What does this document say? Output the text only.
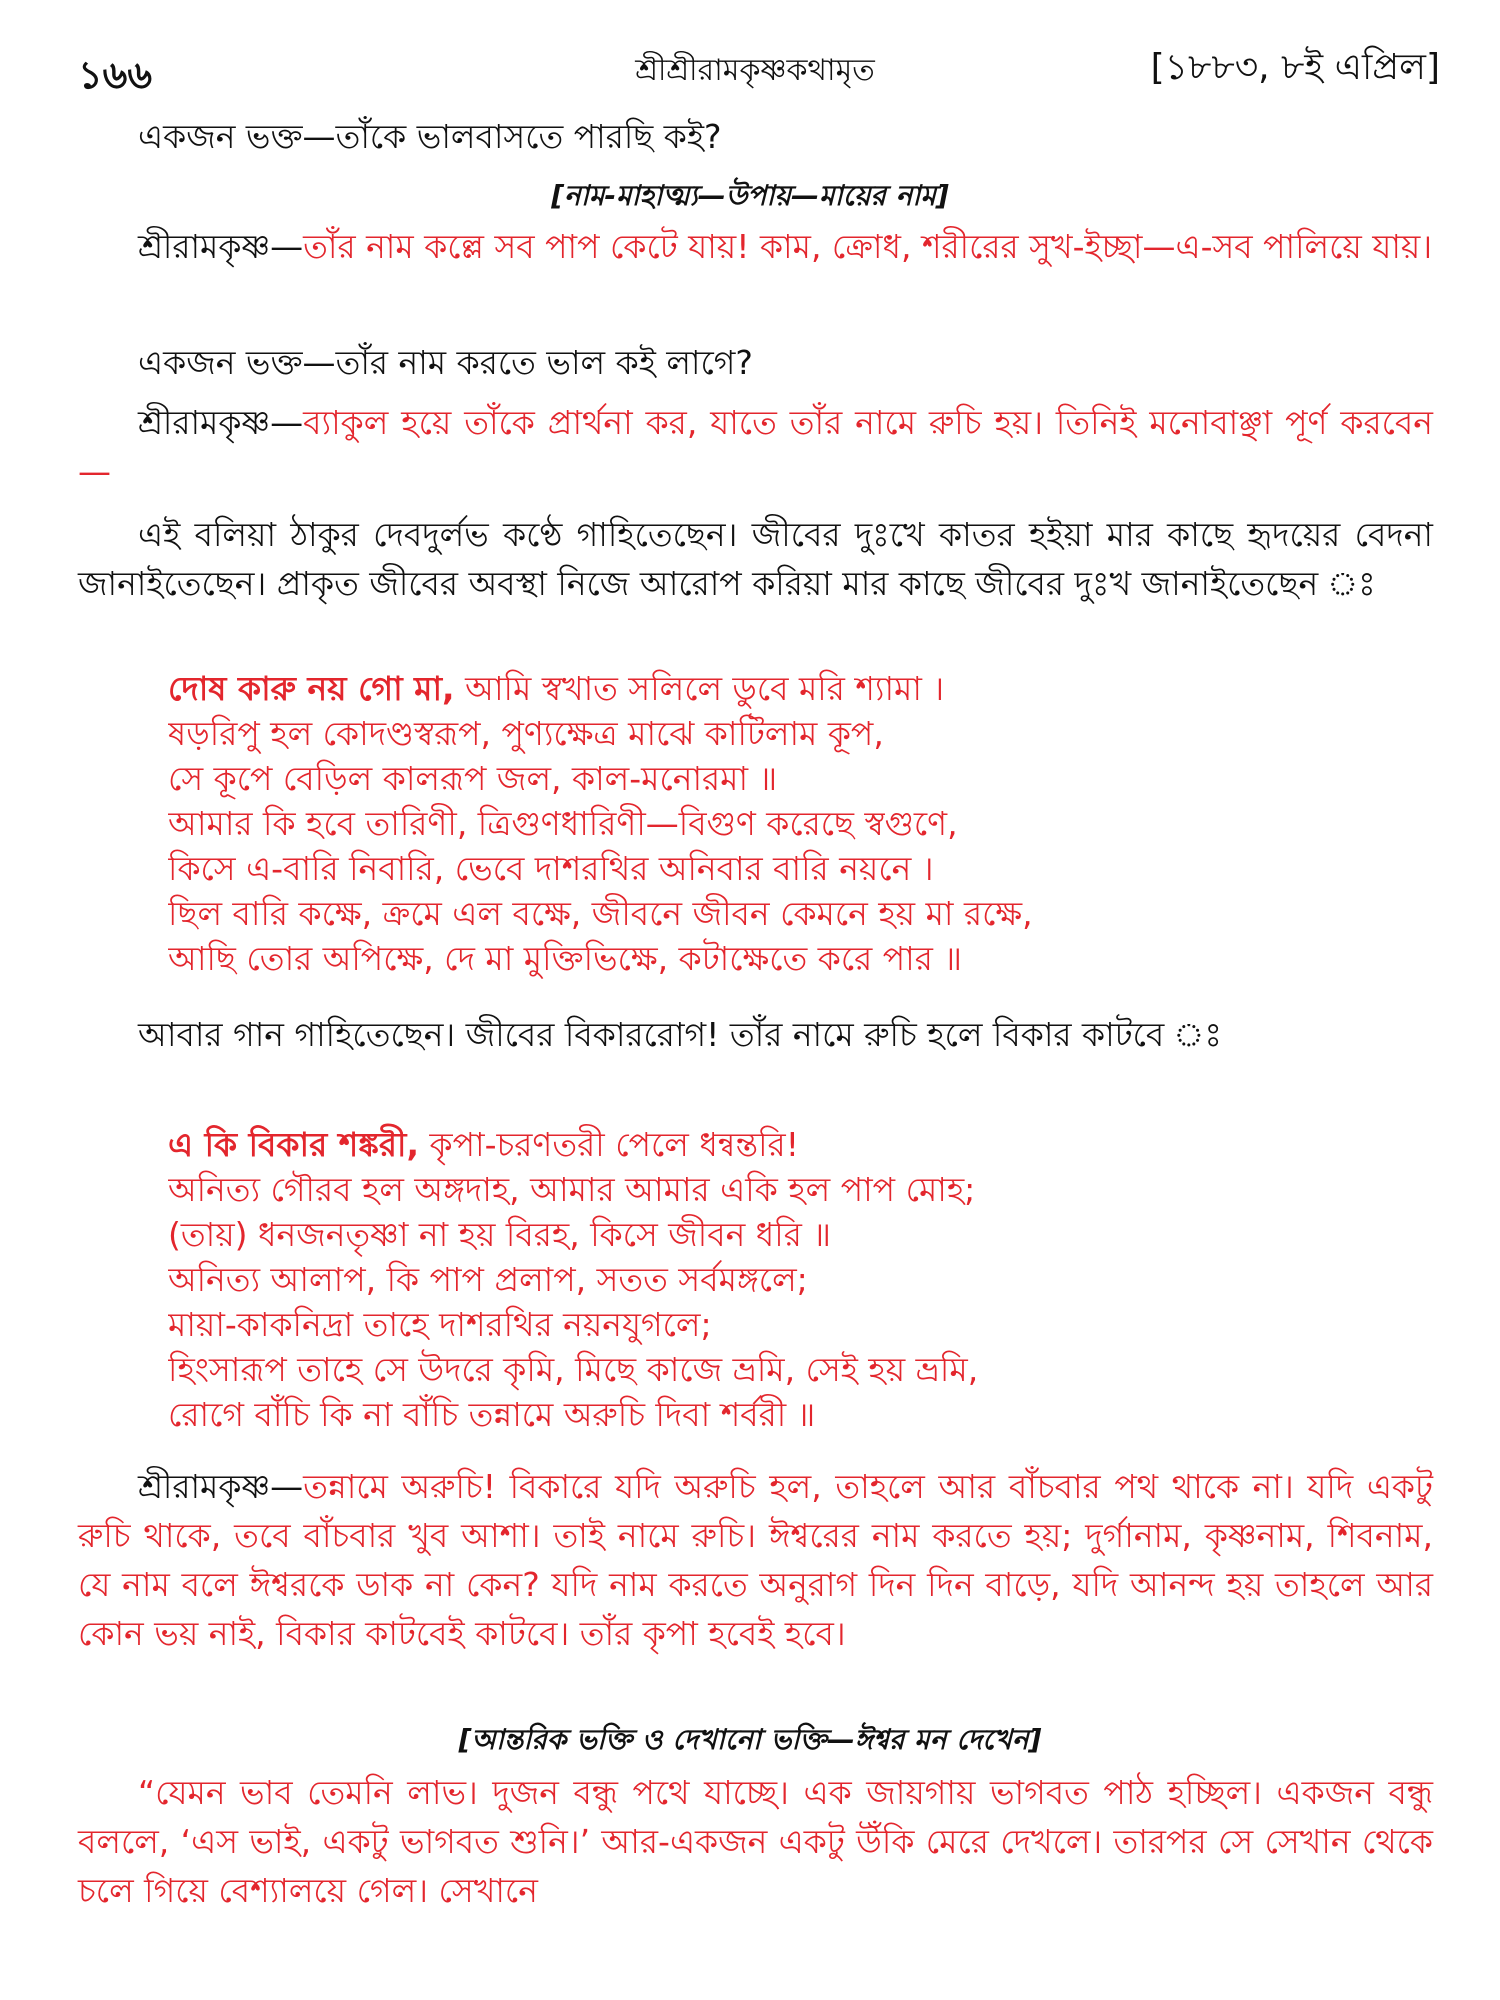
১৬৬	শ্রীশ্রীরামকৃষ্ণকথামৃত	[১৮৮৩, ৮ই এপ্রিল]
একজন ভক্ত—তাঁকে ভালবাসতে পারছি কই?
[নাম-মাহাত্ম্য—উপায়—মায়ের নাম]
শ্রীরামকৃষ্ণ—তাঁর নাম কল্লে সব পাপ কেটে যায়! কাম, ক্রোধ, শরীরের সুখ-ইচ্ছা—এ-সব পালিয়ে যায়।
একজন ভক্ত—তাঁর নাম করতে ভাল কই লাগে?
শ্রীরামকৃষ্ণ—ব্যাকুল হয়ে তাঁকে প্রার্থনা কর, যাতে তাঁর নামে রুচি হয়। তিনিই মনোবাঞ্ছা পূর্ণ করবেন—
এই বলিয়া ঠাকুর দেবদুর্লভ কণ্ঠে গাহিতেছেন। জীবের দুঃখে কাতর হইয়া মার কাছে হৃদয়ের বেদনা জানাইতেছেন। প্রাকৃত জীবের অবস্থা নিজে আরোপ করিয়া মার কাছে জীবের দুঃখ জানাইতেছেন ঃ
দোষ কারু নয় গো মা, আমি স্বখাত সলিলে ডুবে মরি শ্যামা ।
ষড়রিপু হল কোদণ্ডস্বরূপ, পুণ্যক্ষেত্র মাঝে কাটিলাম কূপ,
সে কূপে বেড়িল কালরূপ জল, কাল-মনোরমা ॥
আমার কি হবে তারিণী, ত্রিগুণধারিণী—বিগুণ করেছে স্বগুণে,
কিসে এ-বারি নিবারি, ভেবে দাশরথির অনিবার বারি নয়নে ।
ছিল বারি কক্ষে, ক্রমে এল বক্ষে, জীবনে জীবন কেমনে হয় মা রক্ষে,
আছি তোর অপিক্ষে, দে মা মুক্তিভিক্ষে, কটাক্ষেতে করে পার ॥
আবার গান গাহিতেছেন। জীবের বিকাররোগ! তাঁর নামে রুচি হলে বিকার কাটবে ঃ
এ কি বিকার শঙ্করী, কৃপা-চরণতরী পেলে ধন্বন্তরি!
অনিত্য গৌরব হল অঙ্গদাহ, আমার আমার একি হল পাপ মোহ;
(তায়) ধনজনতৃষ্ণা না হয় বিরহ, কিসে জীবন ধরি ॥
অনিত্য আলাপ, কি পাপ প্রলাপ, সতত সর্বমঙ্গলে;
মায়া-কাকনিদ্রা তাহে দাশরথির নয়নযুগলে;
হিংসারূপ তাহে সে উদরে কৃমি, মিছে কাজে ভ্রমি, সেই হয় ভ্রমি,
রোগে বাঁচি কি না বাঁচি তন্নামে অরুচি দিবা শর্বরী ॥
শ্রীরামকৃষ্ণ—তন্নামে অরুচি! বিকারে যদি অরুচি হল, তাহলে আর বাঁচবার পথ থাকে না। যদি একটু রুচি থাকে, তবে বাঁচবার খুব আশা। তাই নামে রুচি। ঈশ্বরের নাম করতে হয়; দুর্গানাম, কৃষ্ণনাম, শিবনাম, যে নাম বলে ঈশ্বরকে ডাক না কেন? যদি নাম করতে অনুরাগ দিন দিন বাড়ে, যদি আনন্দ হয় তাহলে আর কোন ভয় নাই, বিকার কাটবেই কাটবে। তাঁর কৃপা হবেই হবে।
[আন্তরিক ভক্তি ও দেখানো ভক্তি—ঈশ্বর মন দেখেন]
“যেমন ভাব তেমনি লাভ। দুজন বন্ধু পথে যাচ্ছে। এক জায়গায় ভাগবত পাঠ হচ্ছিল। একজন বন্ধু বললে, ‘এস ভাই, একটু ভাগবত শুনি।’ আর-একজন একটু উঁকি মেরে দেখলে। তারপর সে সেখান থেকে চলে গিয়ে বেশ্যালয়ে গেল। সেখানে
